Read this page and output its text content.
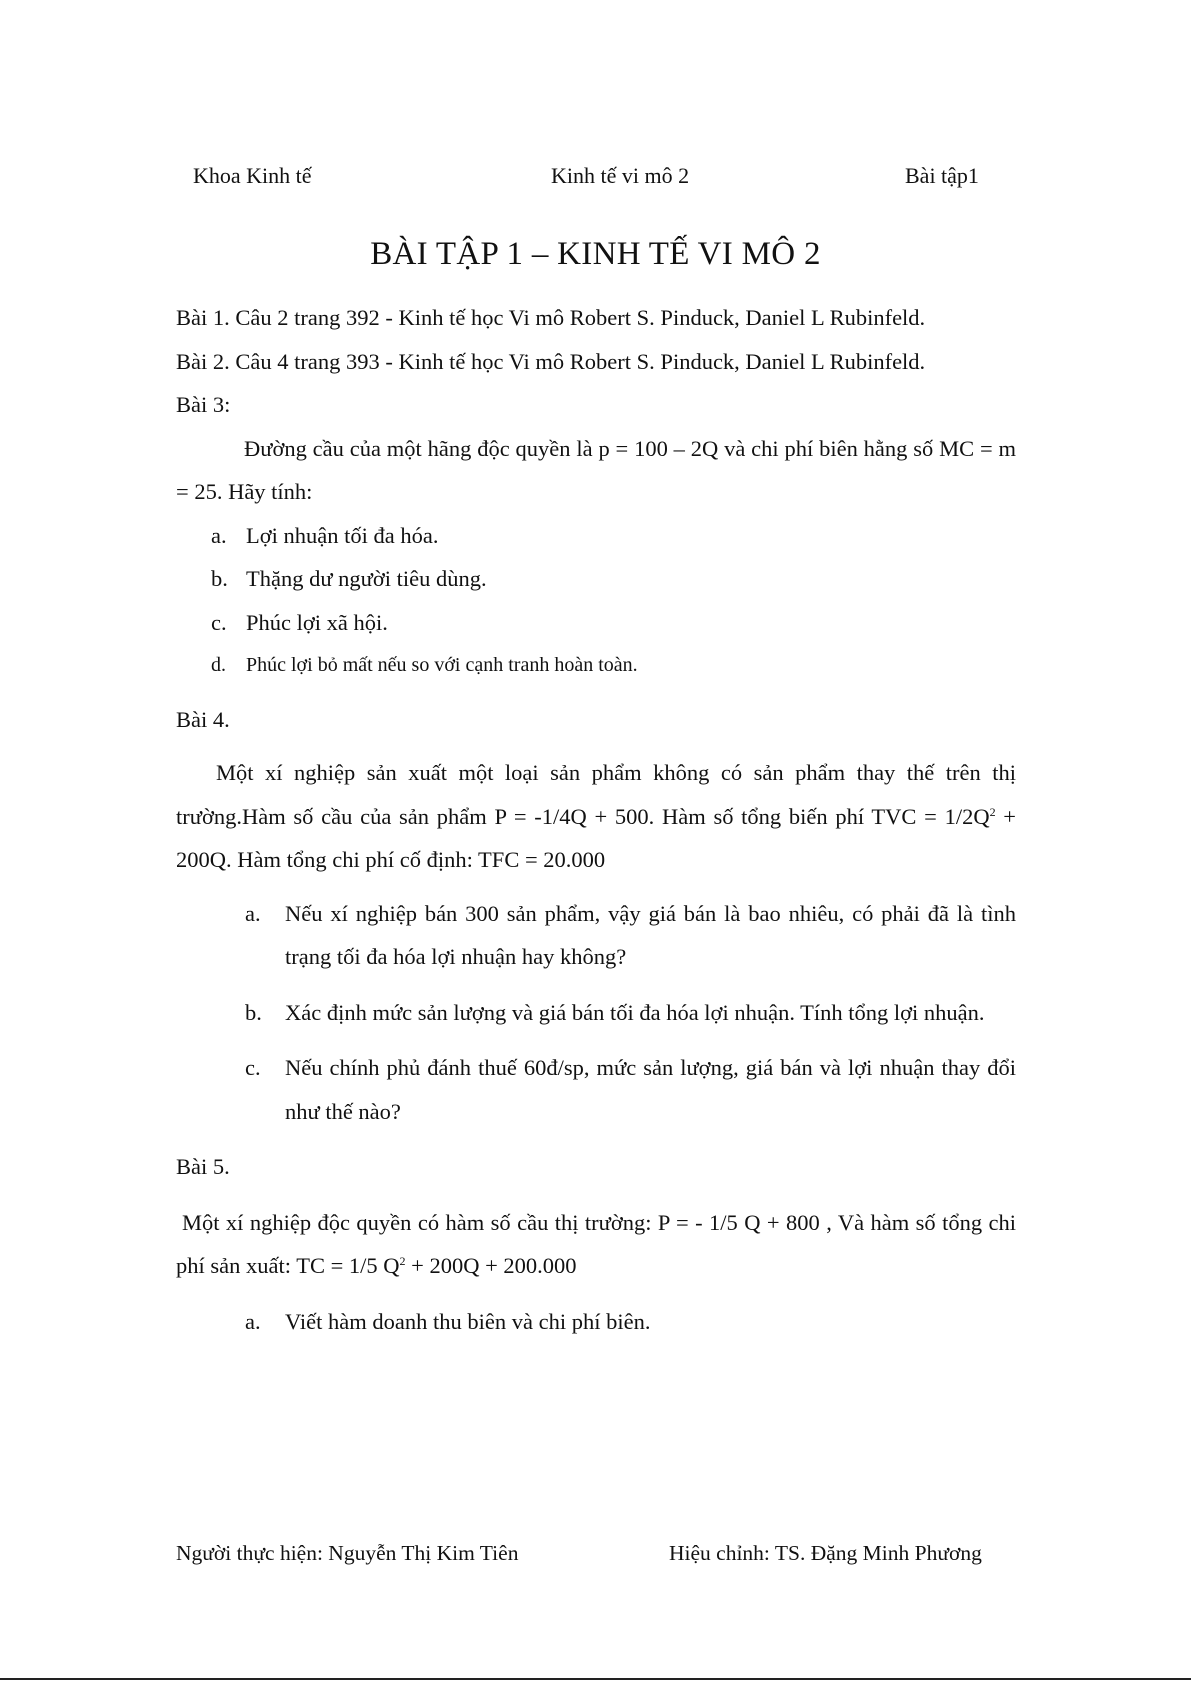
Khoa Kinh tế	Kinh tế vi mô 2	Bài tập1
BÀI TẬP 1 – KINH TẾ VI MÔ 2

Bài 1. Câu 2 trang 392 - Kinh tế học Vi mô Robert S. Pinduck, Daniel L Rubinfeld.

Bài 2. Câu 4 trang 393 - Kinh tế học Vi mô Robert S. Pinduck, Daniel L Rubinfeld.

Bài 3:

Đường cầu của một hãng độc quyền là p = 100 – 2Q và chi phí biên hằng số MC = m = 25. Hãy tính:

a. Lợi nhuận tối đa hóa.
b. Thặng dư người tiêu dùng.
c. Phúc lợi xã hội.
d. Phúc lợi bỏ mất nếu so với cạnh tranh hoàn toàn.

Bài 4.

Một xí nghiệp sản xuất một loại sản phẩm không có sản phẩm thay thế trên thị trường.Hàm số cầu của sản phẩm P = -1/4Q + 500. Hàm số tổng biến phí TVC = $1/2Q^2 + 200Q$. Hàm tổng chi phí cố định: TFC = 20.000

a. Nếu xí nghiệp bán 300 sản phẩm, vậy giá bán là bao nhiêu, có phải đã là tình trạng tối đa hóa lợi nhuận hay không?
b. Xác định mức sản lượng và giá bán tối đa hóa lợi nhuận. Tính tổng lợi nhuận.
c. Nếu chính phủ đánh thuế 60đ/sp, mức sản lượng, giá bán và lợi nhuận thay đổi như thế nào?

Bài 5.

Một xí nghiệp độc quyền có hàm số cầu thị trường: P = - 1/5 Q + 800 , Và hàm số tổng chi phí sản xuất: TC = 1/5 $Q^2 + 200Q + 200.000$

a. Viết hàm doanh thu biên và chi phí biên.
Người thực hiện: Nguyễn Thị Kim Tiên	Hiệu chỉnh: TS. Đặng Minh Phương
